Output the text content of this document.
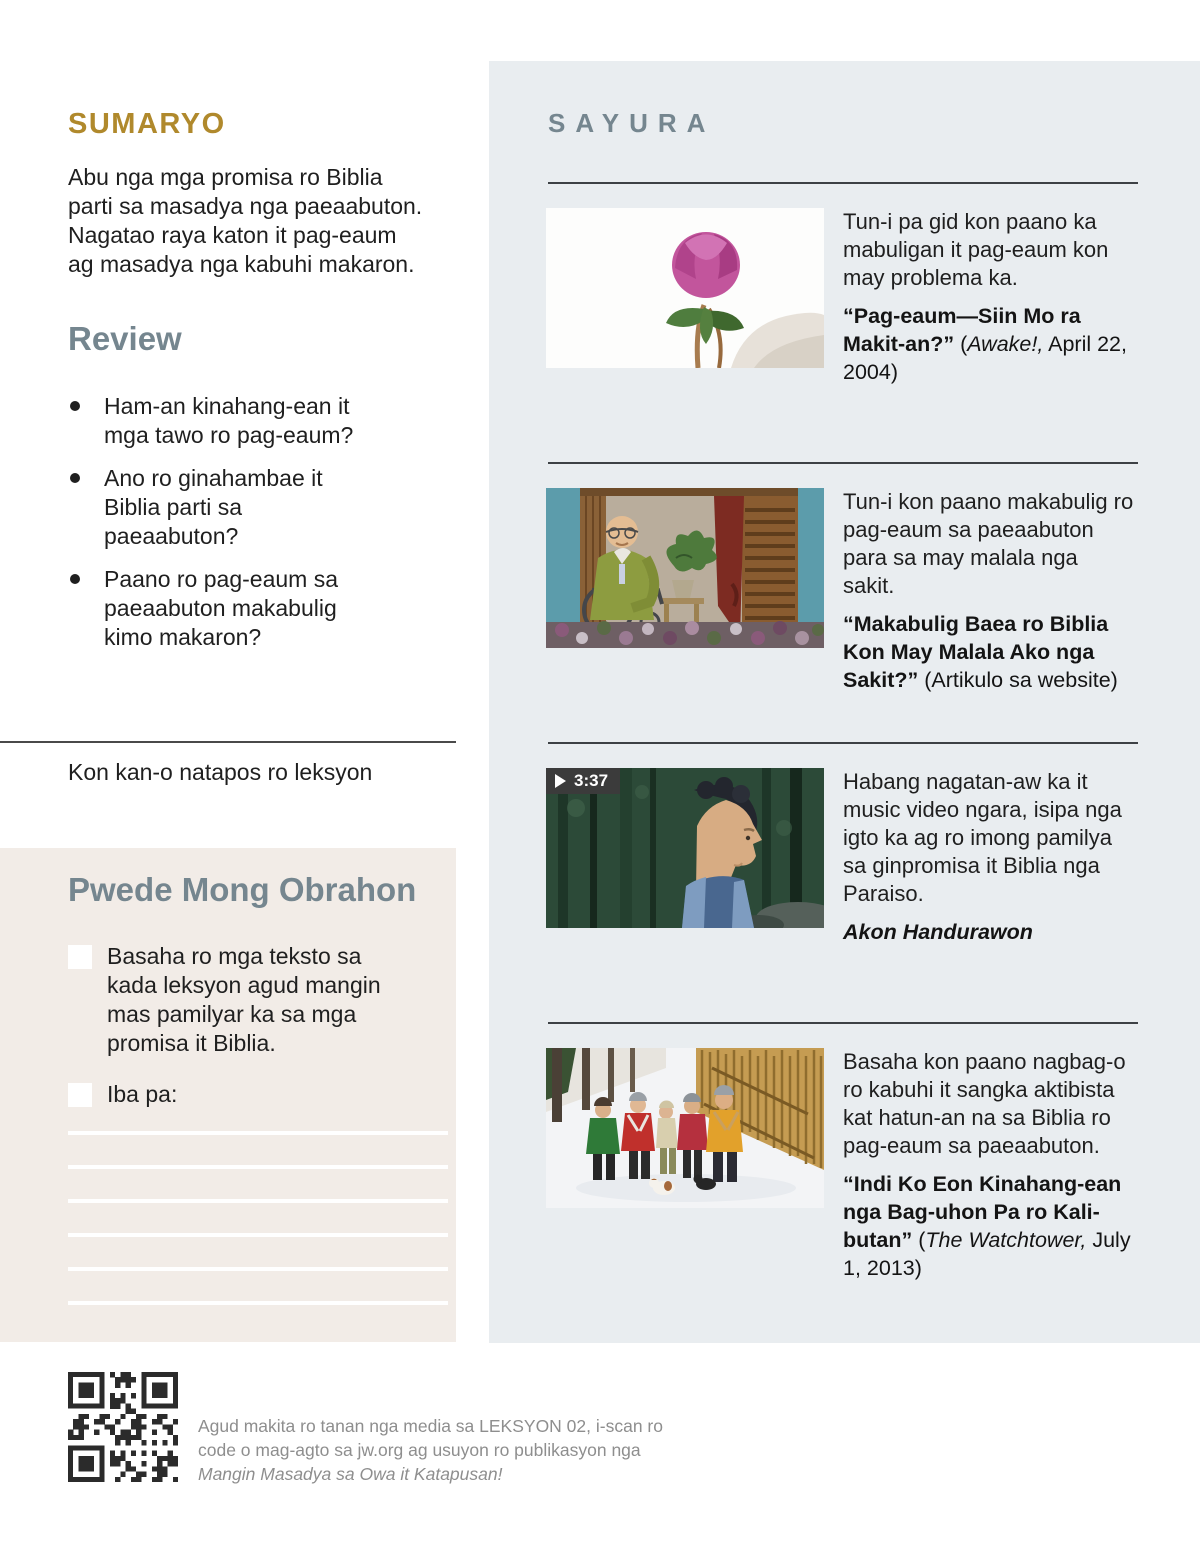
SUMARYO

Abu nga mga promisa ro Biblia parti sa masadya nga paeaabuton. Nagatao raya katon it pag-eaum ag masadya nga kabuhi makaron.

Review
Ham-an kinahang-ean it mga tawo ro pag-eaum?
Ano ro ginahambae it Biblia parti sa paeaabuton?
Paano ro pag-eaum sa paeaabuton makabulig kimo makaron?

Kon kan-o natapos ro leksyon

Pwede Mong Obrahon

Basaha ro mga teksto sa kada leksyon agud mangin mas pamilyar ka sa mga promisa it Biblia.

Iba pa:

SAYURA

Tun-i pa gid kon paano ka mabuligan it pag-eaum kon may problema ka.

“Pag-eaum—Siin Mo ra Makit-an?” (Awake!, April 22, 2004)

Tun-i kon paano makabulig ro pag-eaum sa paeaabuton para sa may malala nga sakit.

“Makabulig Baea ro Biblia Kon May Malala Ako nga Sakit?” (Artikulo sa website)

3:37	Habang nagatan-aw ka it music video ngara, isipa nga igto ka ag ro imong pamilya sa ginpromisa it Biblia nga Paraiso.

Akon Handurawon

Basaha kon paano nagbag-o ro kabuhi it sangka aktibista kat hatun-an na sa Biblia ro pag-eaum sa paeaabuton.

“Indi Ko Eon Kinahang-ean nga Bag-uhon Pa ro Kali-butan” (The Watchtower, July 1, 2013)

Agud makita ro tanan nga media sa LEKSYON 02, i-scan ro code o mag-agto sa jw.org ag usuyon ro publikasyon nga Mangin Masadya sa Owa it Katapusan!
